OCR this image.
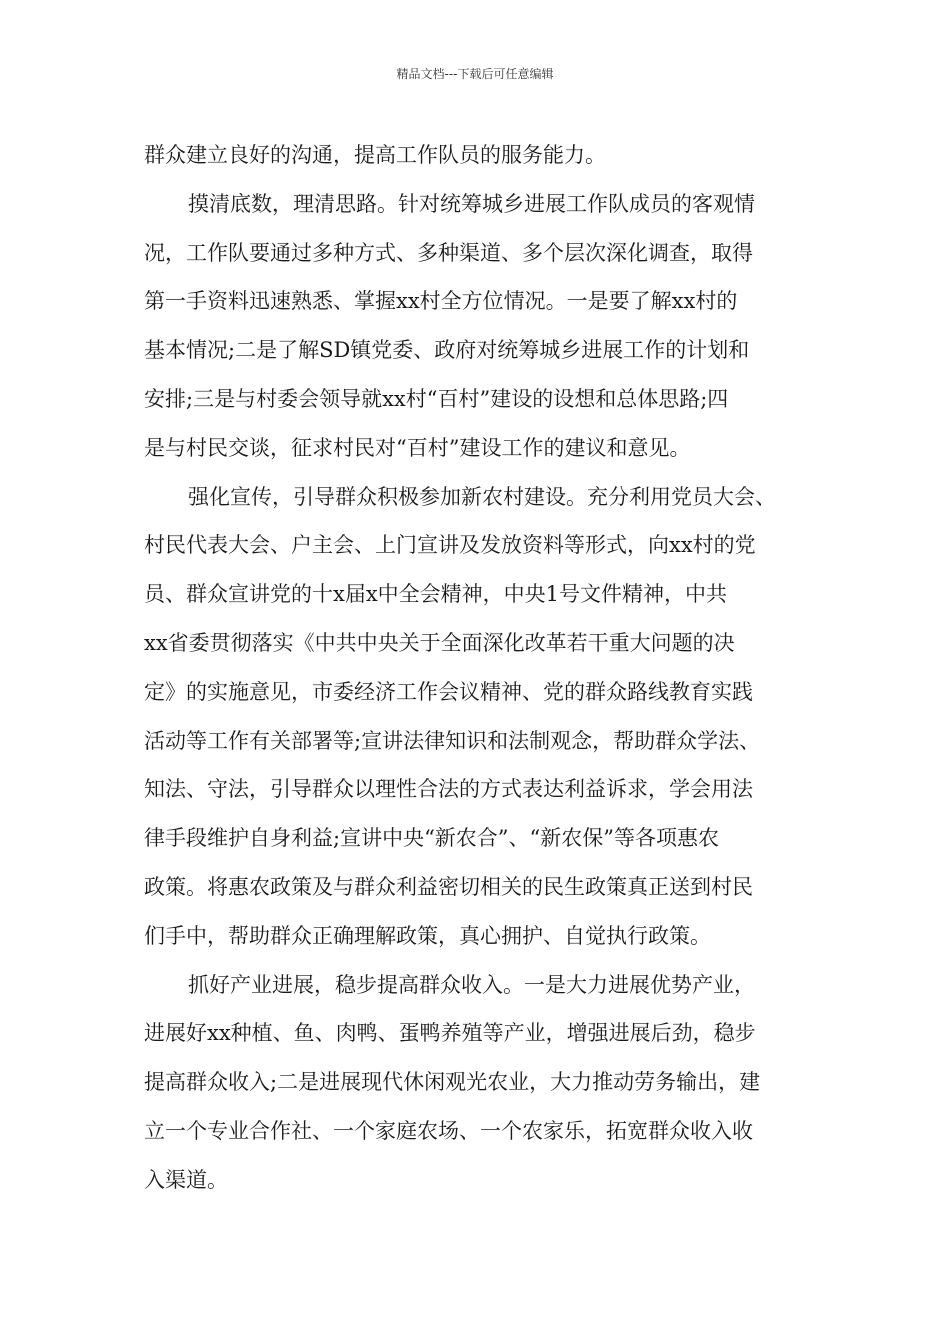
精品文档---下载后可任意编辑
群众建立良好的沟通，提高工作队员的服务能力。
摸清底数，理清思路。针对统筹城乡进展工作队成员的客观情
况，工作队要通过多种方式、多种渠道、多个层次深化调查，取得
第一手资料迅速熟悉、掌握xx村全方位情况。一是要了解xx村的
基本情况;二是了解SD镇党委、政府对统筹城乡进展工作的计划和
安排;三是与村委会领导就xx村“百村”建设的设想和总体思路;四
是与村民交谈，征求村民对“百村”建设工作的建议和意见。
强化宣传，引导群众积极参加新农村建设。充分利用党员大会、
村民代表大会、户主会、上门宣讲及发放资料等形式，向xx村的党
员、群众宣讲党的十x届x中全会精神，中央1号文件精神，中共
xx省委贯彻落实《中共中央关于全面深化改革若干重大问题的决
定》的实施意见，市委经济工作会议精神、党的群众路线教育实践
活动等工作有关部署等;宣讲法律知识和法制观念，帮助群众学法、
知法、守法，引导群众以理性合法的方式表达利益诉求，学会用法
律手段维护自身利益;宣讲中央“新农合”、“新农保”等各项惠农
政策。将惠农政策及与群众利益密切相关的民生政策真正送到村民
们手中，帮助群众正确理解政策，真心拥护、自觉执行政策。
抓好产业进展，稳步提高群众收入。一是大力进展优势产业，
进展好xx种植、鱼、肉鸭、蛋鸭养殖等产业，增强进展后劲，稳步
提高群众收入;二是进展现代休闲观光农业，大力推动劳务输出，建
立一个专业合作社、一个家庭农场、一个农家乐，拓宽群众收入收
入渠道。
